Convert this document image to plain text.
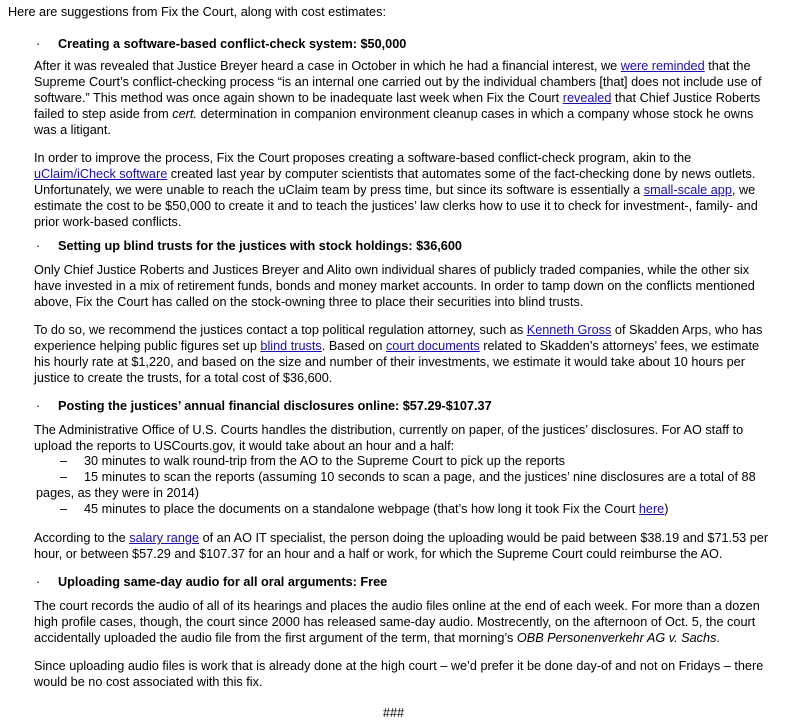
Here are suggestions from Fix the Court, along with cost estimates:

· Creating a software-based conflict-check system: $50,000

After it was revealed that Justice Breyer heard a case in October in which he had a financial interest, we were reminded that the Supreme Court’s conflict-checking process “is an internal one carried out by the individual chambers [that] does not include use of software.” This method was once again shown to be inadequate last week when Fix the Court revealed that Chief Justice Roberts failed to step aside from cert. determination in companion environment cleanup cases in which a company whose stock he owns was a litigant.

In order to improve the process, Fix the Court proposes creating a software-based conflict-check program, akin to the uClaim/iCheck software created last year by computer scientists that automates some of the fact-checking done by news outlets. Unfortunately, we were unable to reach the uClaim team by press time, but since its software is essentially a small-scale app, we estimate the cost to be $50,000 to create it and to teach the justices’ law clerks how to use it to check for investment-, family- and prior work-based conflicts.

· Setting up blind trusts for the justices with stock holdings: $36,600

Only Chief Justice Roberts and Justices Breyer and Alito own individual shares of publicly traded companies, while the other six have invested in a mix of retirement funds, bonds and money market accounts. In order to tamp down on the conflicts mentioned above, Fix the Court has called on the stock-owning three to place their securities into blind trusts.

To do so, we recommend the justices contact a top political regulation attorney, such as Kenneth Gross of Skadden Arps, who has experience helping public figures set up blind trusts. Based on court documents related to Skadden’s attorneys’ fees, we estimate his hourly rate at $1,220, and based on the size and number of their investments, we estimate it would take about 10 hours per justice to create the trusts, for a total cost of $36,600.

· Posting the justices’ annual financial disclosures online: $57.29-$107.37

The Administrative Office of U.S. Courts handles the distribution, currently on paper, of the justices’ disclosures. For AO staff to upload the reports to USCourts.gov, it would take about an hour and a half:

– 30 minutes to walk round-trip from the AO to the Supreme Court to pick up the reports
– 15 minutes to scan the reports (assuming 10 seconds to scan a page, and the justices’ nine disclosures are a total of 88
pages, as they were in 2014)
– 45 minutes to place the documents on a standalone webpage (that’s how long it took Fix the Court here)

According to the salary range of an AO IT specialist, the person doing the uploading would be paid between $38.19 and $71.53 per hour, or between $57.29 and $107.37 for an hour and a half or work, for which the Supreme Court could reimburse the AO.

· Uploading same-day audio for all oral arguments: Free

The court records the audio of all of its hearings and places the audio files online at the end of each week. For more than a dozen high profile cases, though, the court since 2000 has released same-day audio. Mostrecently, on the afternoon of Oct. 5, the court accidentally uploaded the audio file from the first argument of the term, that morning’s OBB Personenverkehr AG v. Sachs.

Since uploading audio files is work that is already done at the high court – we’d prefer it be done day-of and not on Fridays – there would be no cost associated with this fix.

###
